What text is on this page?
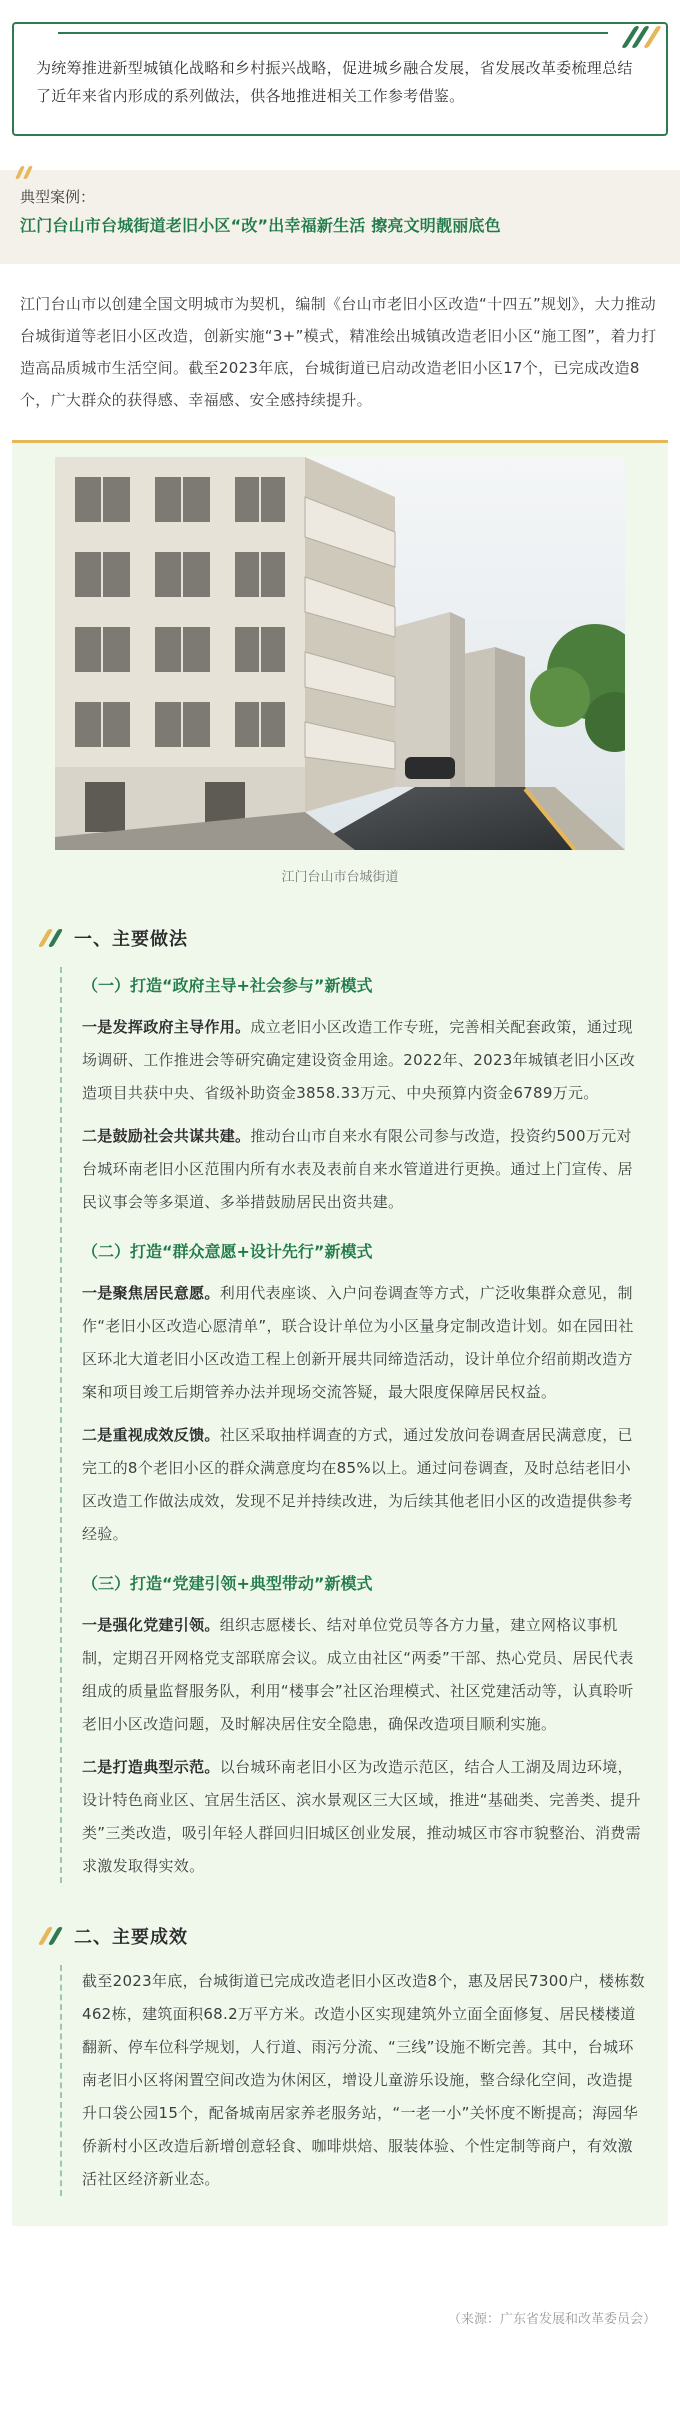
为统筹推进新型城镇化战略和乡村振兴战略，促进城乡融合发展，省发展改革委梳理总结了近年来省内形成的系列做法，供各地推进相关工作参考借鉴。

典型案例：

江门台山市台城街道老旧小区“改”出幸福新生活 擦亮文明靓丽底色

江门台山市以创建全国文明城市为契机，编制《台山市老旧小区改造“十四五”规划》，大力推动台城街道等老旧小区改造，创新实施“3+”模式，精准绘出城镇改造老旧小区“施工图”，着力打造高品质城市生活空间。截至2023年底，台城街道已启动改造老旧小区17个，已完成改造8个，广大群众的获得感、幸福感、安全感持续提升。

江门台山市台城街道

一、主要做法
（一）打造“政府主导+社会参与”新模式

一是发挥政府主导作用。成立老旧小区改造工作专班，完善相关配套政策，通过现场调研、工作推进会等研究确定建设资金用途。2022年、2023年城镇老旧小区改造项目共获中央、省级补助资金3858.33万元、中央预算内资金6789万元。

二是鼓励社会共谋共建。推动台山市自来水有限公司参与改造，投资约500万元对台城环南老旧小区范围内所有水表及表前自来水管道进行更换。通过上门宣传、居民议事会等多渠道、多举措鼓励居民出资共建。

（二）打造“群众意愿+设计先行”新模式

一是聚焦居民意愿。利用代表座谈、入户问卷调查等方式，广泛收集群众意见，制作“老旧小区改造心愿清单”，联合设计单位为小区量身定制改造计划。如在园田社区环北大道老旧小区改造工程上创新开展共同缔造活动，设计单位介绍前期改造方案和项目竣工后期管养办法并现场交流答疑，最大限度保障居民权益。

二是重视成效反馈。社区采取抽样调查的方式，通过发放问卷调查居民满意度，已完工的8个老旧小区的群众满意度均在85%以上。通过问卷调查，及时总结老旧小区改造工作做法成效，发现不足并持续改进，为后续其他老旧小区的改造提供参考经验。

（三）打造“党建引领+典型带动”新模式

一是强化党建引领。组织志愿楼长、结对单位党员等各方力量，建立网格议事机制，定期召开网格党支部联席会议。成立由社区“两委”干部、热心党员、居民代表组成的质量监督服务队，利用“楼事会”社区治理模式、社区党建活动等，认真聆听老旧小区改造问题，及时解决居住安全隐患，确保改造项目顺利实施。

二是打造典型示范。以台城环南老旧小区为改造示范区，结合人工湖及周边环境，设计特色商业区、宜居生活区、滨水景观区三大区域，推进“基础类、完善类、提升类”三类改造，吸引年轻人群回归旧城区创业发展，推动城区市容市貌整治、消费需求激发取得实效。

二、主要成效

截至2023年底，台城街道已完成改造老旧小区改造8个，惠及居民7300户，楼栋数462栋，建筑面积68.2万平方米。改造小区实现建筑外立面全面修复、居民楼楼道翻新、停车位科学规划，人行道、雨污分流、“三线”设施不断完善。其中，台城环南老旧小区将闲置空间改造为休闲区，增设儿童游乐设施，整合绿化空间，改造提升口袋公园15个，配备城南居家养老服务站，“一老一小”关怀度不断提高；海园华侨新村小区改造后新增创意轻食、咖啡烘焙、服装体验、个性定制等商户，有效激活社区经济新业态。

（来源：广东省发展和改革委员会）
